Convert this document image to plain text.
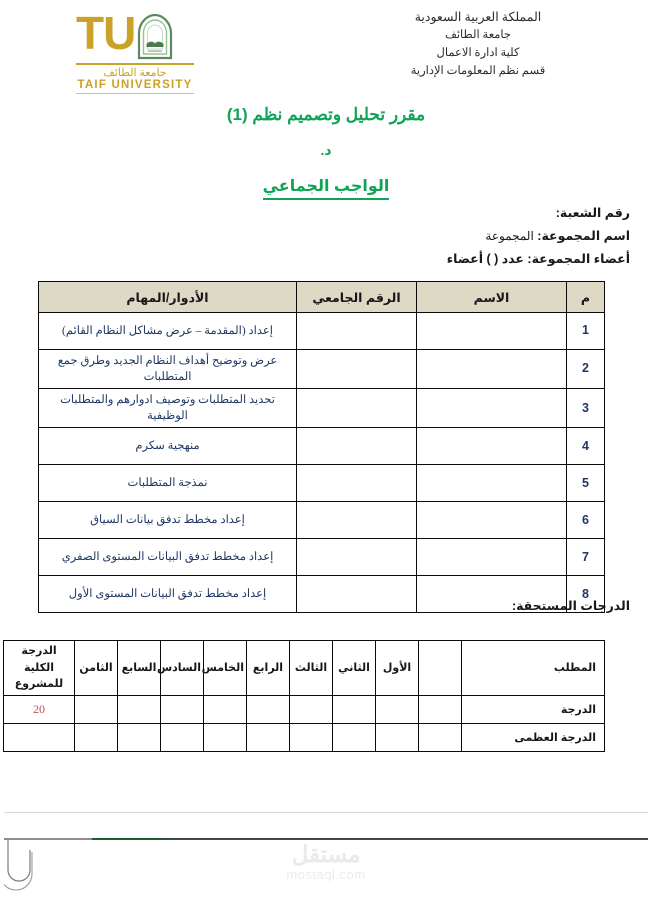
TU
جامعة الطائف
TAIF UNIVERSITY
المملكة العربية السعودية
جامعة الطائف
كلية ادارة الاعمال
قسم نظم المعلومات الإدارية
مقرر تحليل وتصميم نظم (1)
د.
الواجب الجماعي
رقم الشعبة:
اسم المجموعة: المجموعة
أعضاء المجموعة: عدد ( ) أعضاء
م	الاسم	الرقم الجامعي	الأدوار/المهام
1			إعداد (المقدمة – عرض مشاكل النظام القائم)
2			عرض وتوضيح أهداف النظام الجديد وطرق جمع المتطلبات
3			تحديد المتطلبات وتوصيف ادوارهم والمتطلبات الوظيفية
4			منهجية سكرم
5			نمذجة المتطلبات
6			إعداد مخطط تدفق بيانات السياق
7			إعداد مخطط تدفق البيانات المستوى الصفري
8			إعداد مخطط تدفق البيانات المستوى الأول
الدرجات المستحقة:
المطلب		الأول	الثاني	الثالث	الرابع	الخامس	السادس	السابع	الثامن	الدرجة الكلية
للمشروع
الدرجة										20
الدرجة العظمى										
مستقل
mostaql.com
